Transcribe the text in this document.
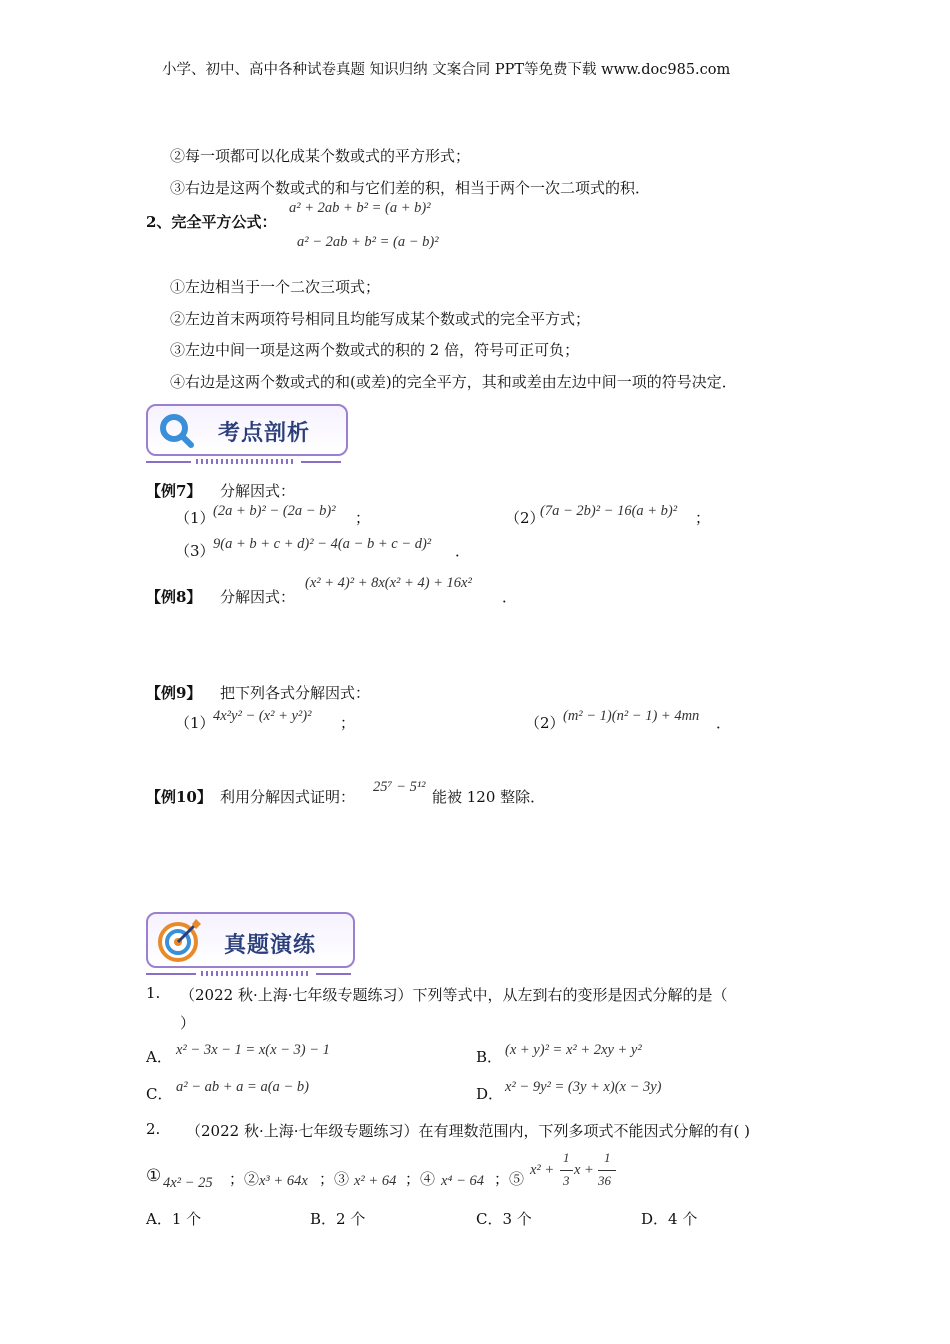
小学、初中、高中各种试卷真题 知识归纳 文案合同 PPT等免费下载 www.doc985.com
②每一项都可以化成某个数或式的平方形式；
③右边是这两个数或式的和与它们差的积，相当于两个一次二项式的积．
2、完全平方公式：
a² + 2ab + b² = (a + b)²
a² − 2ab + b² = (a − b)²
①左边相当于一个二次三项式；
②左边首末两项符号相同且均能写成某个数或式的完全平方式；
③左边中间一项是这两个数或式的积的 2 倍，符号可正可负；
④右边是这两个数或式的和(或差)的完全平方，其和或差由左边中间一项的符号决定．
考点剖析
【例7】 分解因式：
（1）
(2a + b)² − (2a − b)² ；	（2）
(7a − 2b)² − 16(a + b)² ；
（3）
9(a + b + c + d)² − 4(a − b + c − d)² ．
【例8】 分解因式：
(x² + 4)² + 8x(x² + 4) + 16x²
．
【例9】 把下列各式分解因式：
（1）
4x²y² − (x² + y²)² ；	（2）
(m² − 1)(n² − 1) + 4mn ．
【例10】 利用分解因式证明：
25⁷ − 5¹²
能被 120 整除．
真题演练
1. （2022 秋·上海·七年级专题练习）下列等式中，从左到右的变形是因式分解的是（
）
A． x² − 3x − 1 = x(x − 3) − 1	B． (x + y)² = x² + 2xy + y²
C． a² − ab + a = a(a − b)	D． x² − 9y² = (3y + x)(x − 3y)
2. （2022 秋·上海·七年级专题练习）在有理数范围内，下列多项式不能因式分解的有( )
① 4x² − 25 ；② x³ + 64x ；③ x² + 64 ；④ x⁴ − 64 ；⑤ x² +
1
3
x +
1
36
A．1 个	B．2 个	C．3 个	D．4 个
